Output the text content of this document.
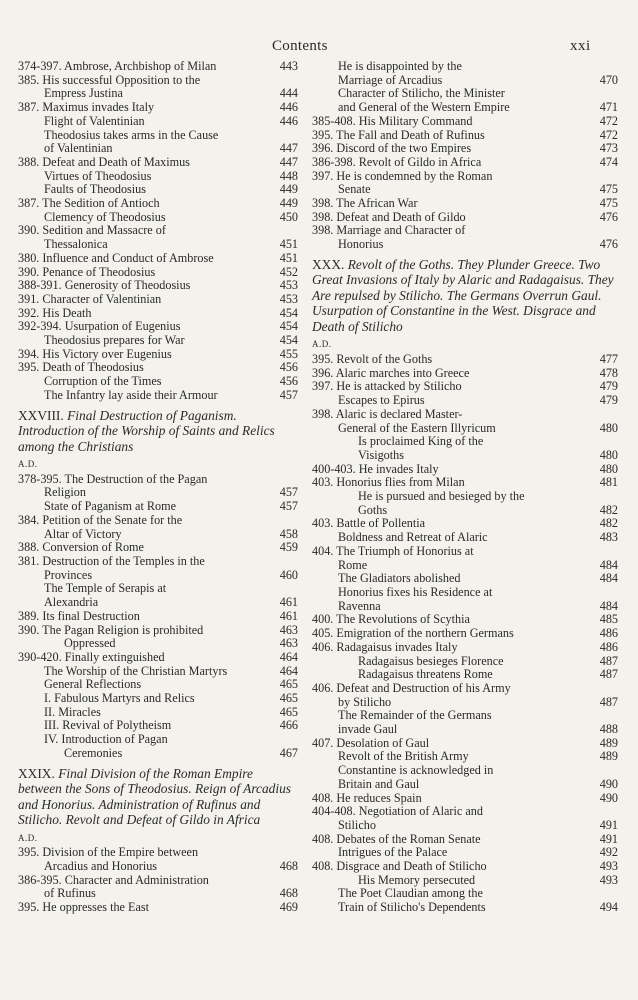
Contents	xxi
374-397. Ambrose, Archbishop of Milan	443
385. His successful Opposition to the
Empress Justina	444
387. Maximus invades Italy	446
Flight of Valentinian	446
Theodosius takes arms in the Cause
of Valentinian	447
388. Defeat and Death of Maximus	447
Virtues of Theodosius	448
Faults of Theodosius	449
387. The Sedition of Antioch	449
Clemency of Theodosius	450
390. Sedition and Massacre of
Thessalonica	451
380. Influence and Conduct of Ambrose	451
390. Penance of Theodosius	452
388-391. Generosity of Theodosius	453
391. Character of Valentinian	453
392. His Death	454
392-394. Usurpation of Eugenius	454
Theodosius prepares for War	454
394. His Victory over Eugenius	455
395. Death of Theodosius	456
Corruption of the Times	456
The Infantry lay aside their Armour	457
XXVIII. Final Destruction of Paganism. Introduction of the Worship of Saints and Relics among the Christians
A.D.
378-395. The Destruction of the Pagan
Religion	457
State of Paganism at Rome	457
384. Petition of the Senate for the
Altar of Victory	458
388. Conversion of Rome	459
381. Destruction of the Temples in the
Provinces	460
The Temple of Serapis at
Alexandria	461
389. Its final Destruction	461
390. The Pagan Religion is prohibited	463
Oppressed	463
390-420. Finally extinguished	464
The Worship of the Christian Martyrs	464
General Reflections	465
I. Fabulous Martyrs and Relics	465
II. Miracles	465
III. Revival of Polytheism	466
IV. Introduction of Pagan
Ceremonies	467
XXIX. Final Division of the Roman Empire between the Sons of Theodosius. Reign of Arcadius and Honorius. Administration of Rufinus and Stilicho. Revolt and Defeat of Gildo in Africa
A.D.
395. Division of the Empire between
Arcadius and Honorius	468
386-395. Character and Administration
of Rufinus	468
395. He oppresses the East	469
He is disappointed by the
Marriage of Arcadius	470
Character of Stilicho, the Minister
and General of the Western Empire	471
385-408. His Military Command	472
395. The Fall and Death of Rufinus	472
396. Discord of the two Empires	473
386-398. Revolt of Gildo in Africa	474
397. He is condemned by the Roman
Senate	475
398. The African War	475
398. Defeat and Death of Gildo	476
398. Marriage and Character of
Honorius	476
XXX. Revolt of the Goths. They Plunder Greece. Two Great Invasions of Italy by Alaric and Radagaisus. They Are repulsed by Stilicho. The Germans Overrun Gaul. Usurpation of Constantine in the West. Disgrace and Death of Stilicho
A.D.
395. Revolt of the Goths	477
396. Alaric marches into Greece	478
397. He is attacked by Stilicho	479
Escapes to Epirus	479
398. Alaric is declared Master-
General of the Eastern Illyricum	480
Is proclaimed King of the
Visigoths	480
400-403. He invades Italy	480
403. Honorius flies from Milan	481
He is pursued and besieged by the
Goths	482
403. Battle of Pollentia	482
Boldness and Retreat of Alaric	483
404. The Triumph of Honorius at
Rome	484
The Gladiators abolished	484
Honorius fixes his Residence at
Ravenna	484
400. The Revolutions of Scythia	485
405. Emigration of the northern Germans	486
406. Radagaisus invades Italy	486
Radagaisus besieges Florence	487
Radagaisus threatens Rome	487
406. Defeat and Destruction of his Army
by Stilicho	487
The Remainder of the Germans
invade Gaul	488
407. Desolation of Gaul	489
Revolt of the British Army	489
Constantine is acknowledged in
Britain and Gaul	490
408. He reduces Spain	490
404-408. Negotiation of Alaric and
Stilicho	491
408. Debates of the Roman Senate	491
Intrigues of the Palace	492
408. Disgrace and Death of Stilicho	493
His Memory persecuted	493
The Poet Claudian among the
Train of Stilicho's Dependents	494
